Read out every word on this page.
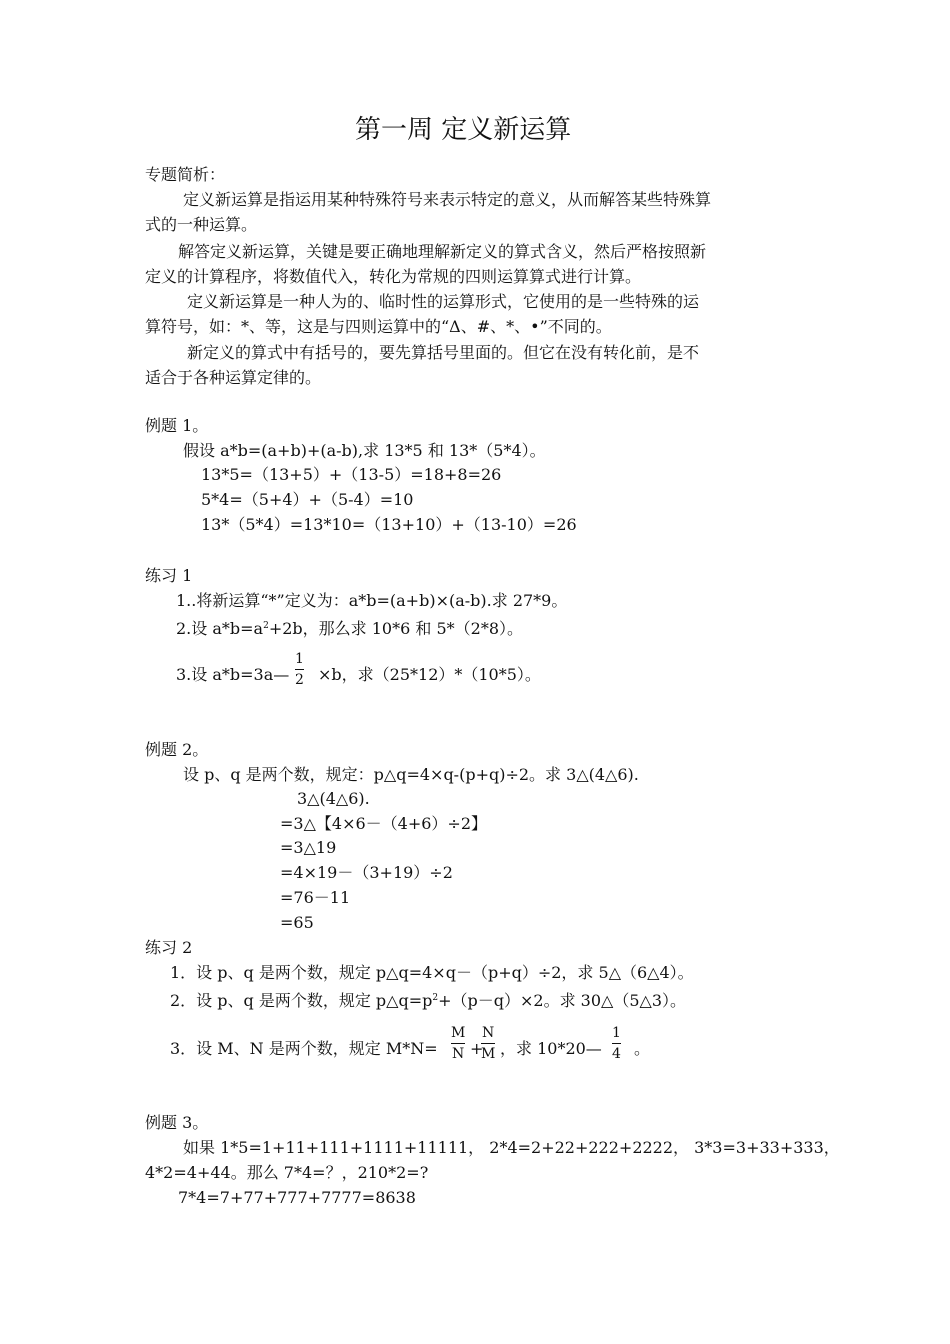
第一周 定义新运算
专题简析：
定义新运算是指运用某种特殊符号来表示特定的意义，从而解答某些特殊算
式的一种运算。
解答定义新运算，关键是要正确地理解新定义的算式含义，然后严格按照新
定义的计算程序，将数值代入，转化为常规的四则运算算式进行计算。
定义新运算是一种人为的、临时性的运算形式，它使用的是一些特殊的运
算符号，如：*、等，这是与四则运算中的“Δ、#、*、•”不同的。
新定义的算式中有括号的，要先算括号里面的。但它在没有转化前，是不
适合于各种运算定律的。
例题 1。
假设 a*b=(a+b)+(a-b),求 13*5 和 13*（5*4）。
13*5=（13+5）+（13-5）=18+8=26
5*4=（5+4）+（5-4）=10
13*（5*4）=13*10=（13+10）+（13-10）=26
练习 1
1..将新运算“*”定义为：a*b=(a+b)×(a-b).求 27*9。
2.设 $a*b=a^2+2b$，那么求 10*6 和 5*（2*8）。
3.设 a*b=3a—
1
2 ×b，求（25*12）*（10*5）。
例题 2。
设 p、q 是两个数，规定：p△q=4×q-(p+q)÷2。求 3△(4△6).
3△(4△6).
=3△【4×6－（4+6）÷2】
=3△19
=4×19－（3+19）÷2
=76－11
=65
练习 2
1．设 p、q 是两个数，规定 p△q=4×q－（p+q）÷2，求 5△（6△4）。
2．设 p、q 是两个数，规定 $p\triangle q=p^2+(p-q)\times 2$。求 30△（5△3）。
3．设 M、N 是两个数，规定 M*N=
M
N +
N
M ，求 10*20—
1
4 。
例题 3。
如果 1*5=1+11+111+1111+11111， 2*4=2+22+222+2222， 3*3=3+33+333，
4*2=4+44。那么 7*4=？，210*2=?
7*4=7+77+777+7777=8638
